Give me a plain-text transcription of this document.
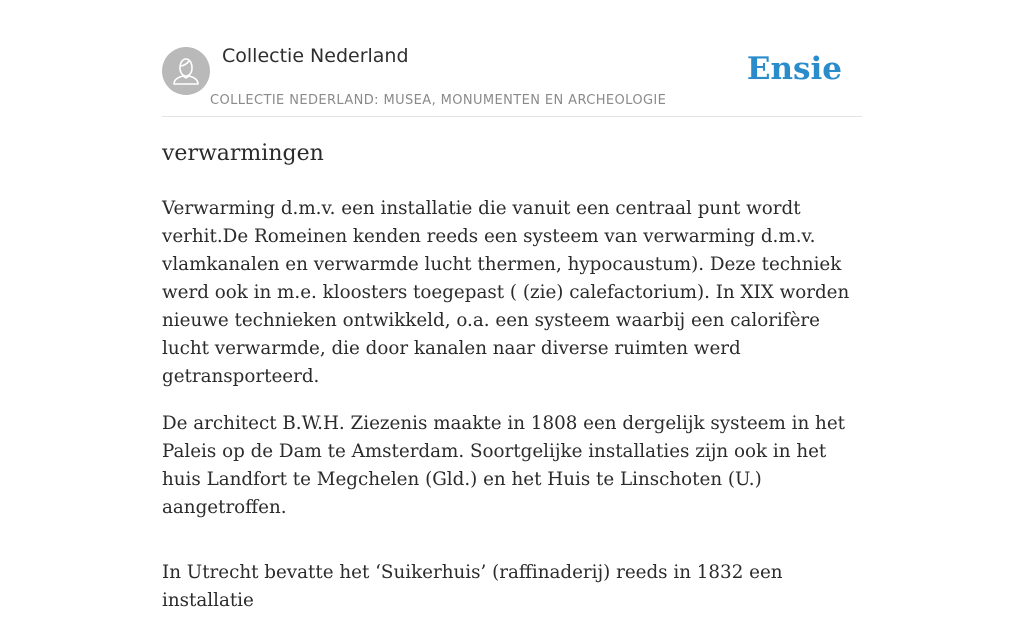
Collectie Nederland
COLLECTIE NEDERLAND: MUSEA, MONUMENTEN EN ARCHEOLOGIE
Ensie
verwarmingen

Verwarming d.m.v. een installatie die vanuit een centraal punt wordt verhit.De Romeinen kenden reeds een systeem van verwarming d.m.v. vlamkanalen en verwarmde lucht thermen, hypocaustum). Deze techniek werd ook in m.e. kloosters toegepast ( (zie) calefactorium). In XIX worden nieuwe technieken ontwikkeld, o.a. een systeem waarbij een calorifère lucht verwarmde, die door kanalen naar diverse ruimten werd getransporteerd.

De architect B.W.H. Ziezenis maakte in 1808 een dergelijk systeem in het Paleis op de Dam te Amsterdam. Soortgelijke installaties zijn ook in het huis Landfort te Megchelen (Gld.) en het Huis te Linschoten (U.) aangetroffen.

In Utrecht bevatte het ‘Suikerhuis’ (raffinaderij) reeds in 1832 een installatie
